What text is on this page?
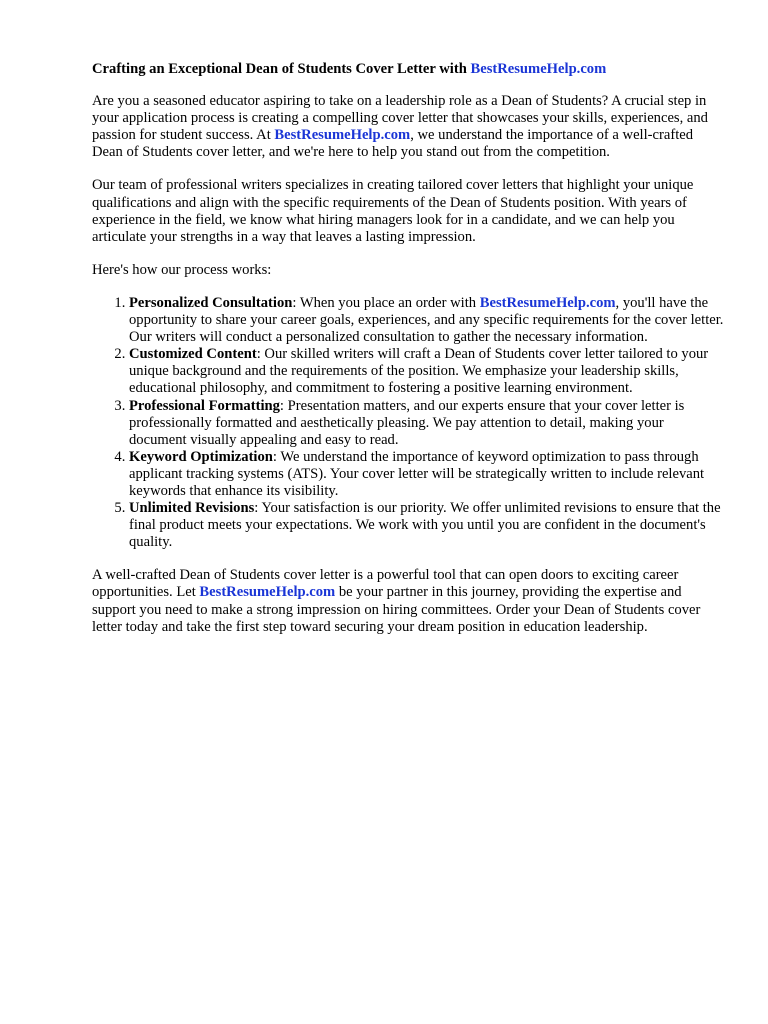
Crafting an Exceptional Dean of Students Cover Letter with BestResumeHelp.com

Are you a seasoned educator aspiring to take on a leadership role as a Dean of Students? A crucial step in your application process is creating a compelling cover letter that showcases your skills, experiences, and passion for student success. At BestResumeHelp.com, we understand the importance of a well-crafted Dean of Students cover letter, and we're here to help you stand out from the competition.

Our team of professional writers specializes in creating tailored cover letters that highlight your unique qualifications and align with the specific requirements of the Dean of Students position. With years of experience in the field, we know what hiring managers look for in a candidate, and we can help you articulate your strengths in a way that leaves a lasting impression.

Here's how our process works:

1. Personalized Consultation: When you place an order with BestResumeHelp.com, you'll have the opportunity to share your career goals, experiences, and any specific requirements for the cover letter. Our writers will conduct a personalized consultation to gather the necessary information.
2. Customized Content: Our skilled writers will craft a Dean of Students cover letter tailored to your unique background and the requirements of the position. We emphasize your leadership skills, educational philosophy, and commitment to fostering a positive learning environment.
3. Professional Formatting: Presentation matters, and our experts ensure that your cover letter is professionally formatted and aesthetically pleasing. We pay attention to detail, making your document visually appealing and easy to read.
4. Keyword Optimization: We understand the importance of keyword optimization to pass through applicant tracking systems (ATS). Your cover letter will be strategically written to include relevant keywords that enhance its visibility.
5. Unlimited Revisions: Your satisfaction is our priority. We offer unlimited revisions to ensure that the final product meets your expectations. We work with you until you are confident in the document's quality.

A well-crafted Dean of Students cover letter is a powerful tool that can open doors to exciting career opportunities. Let BestResumeHelp.com be your partner in this journey, providing the expertise and support you need to make a strong impression on hiring committees. Order your Dean of Students cover letter today and take the first step toward securing your dream position in education leadership.
